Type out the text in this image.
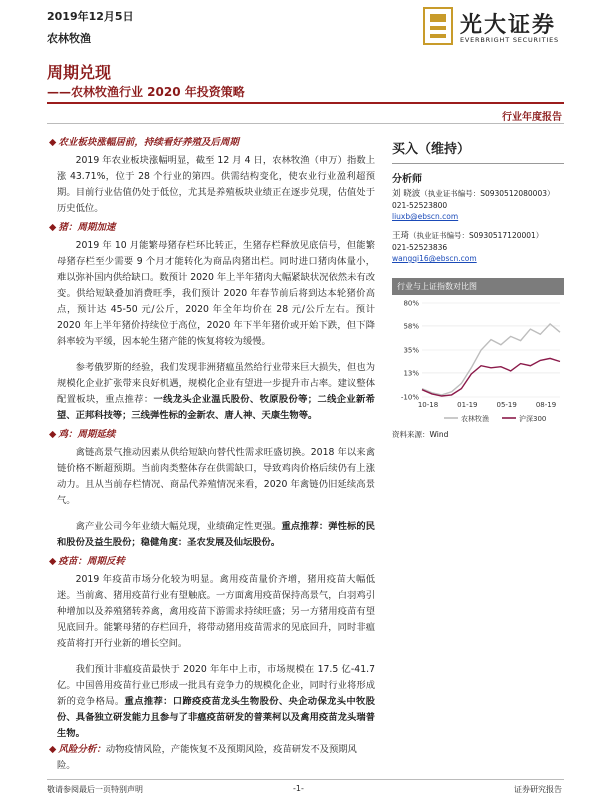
2019年12月5日
农林牧渔
光大证券
EVERBRIGHT SECURITIES
周期兑现
——农林牧渔行业 2020 年投资策略
行业年度报告
◆ 农业板块涨幅居前，持续看好养殖及后周期

2019 年农业板块涨幅明显，截至 12 月 4 日，农林牧渔（申万）指数上涨 43.71%，位于 28 个行业的第四。供需结构变化，使农业行业盈利超预期。目前行业估值仍处于低位，尤其是养殖板块业绩正在逐步兑现，估值处于历史低位。

◆ 猪：周期加速

2019 年 10 月能繁母猪存栏环比转正，生猪存栏释放见底信号，但能繁母猪存栏至少需要 9 个月才能转化为商品肉猪出栏。同时进口猪肉体量小，难以弥补国内供给缺口。数预计 2020 年上半年猪肉大幅紧缺状况依然未有改变。供给短缺叠加消费旺季，我们预计 2020 年春节前后将到达本轮猪价高点，预计达 45-50 元/公斤，2020 年全年均价在 28 元/公斤左右。预计 2020 年上半年猪价持续位于高位，2020 年下半年猪价或开始下跌，但下降斜率较为平缓，因本轮生猪产能的恢复将较为缓慢。

参考俄罗斯的经验，我们发现非洲猪瘟虽然给行业带来巨大损失，但也为规模化企业扩张带来良好机遇，规模化企业有望进一步提升市占率。建议整体配置板块，重点推荐：一线龙头企业温氏股份、牧原股份等；二线企业新希望、正邦科技等；三线弹性标的金新农、唐人神、天康生物等。

◆ 鸡：周期延续

禽链高景气推动因素从供给短缺向替代性需求旺盛切换。2018 年以来禽链价格不断超预期。当前肉类整体存在供需缺口，导致鸡肉价格后续仍有上涨动力。且从当前存栏情况、商品代养殖情况来看，2020 年禽链仍旧延续高景气。

禽产业公司今年业绩大幅兑现，业绩确定性更强。重点推荐：弹性标的民和股份及益生股份；稳健角度：圣农发展及仙坛股份。

◆ 疫苗：周期反转

2019 年疫苗市场分化较为明显。禽用疫苗量价齐增，猪用疫苗大幅低迷。当前禽、猪用疫苗行业有望触底。一方面禽用疫苗保持高景气，白羽鸡引种增加以及养殖猪转养禽，禽用疫苗下游需求持续旺盛；另一方猪用疫苗有望见底回升。能繁母猪的存栏回升，将带动猪用疫苗需求的见底回升，同时非瘟疫苗将打开行业新的增长空间。

我们预计非瘟疫苗最快于 2020 年年中上市，市场规模在 17.5 亿-41.7 亿。中国兽用疫苗行业已形成一批具有竞争力的规模化企业，同时行业将形成新的竞争格局。重点推荐：口蹄疫疫苗龙头生物股份、央企动保龙头中牧股份、具备独立研发能力且参与了非瘟疫苗研发的普莱柯以及禽用疫苗龙头瑞普生物。

◆ 风险分析：动物疫情风险，产能恢复不及预期风险，疫苗研发不及预期风险。
买入（维持）
分析师
刘 晓波（执业证书编号：S0930512080003）
021-52523800
liuxb@ebscn.com
王琦（执业证书编号：S0930517120001）
021-52523836
wangqi16@ebscn.com
行业与上证指数对比图
-10%
13%
35%
58%
80%
10-18	01-19	05-19	08-19
农林牧渔	沪深300
资料来源：Wind
敬请参阅最后一页特别声明	-1-	证券研究报告
